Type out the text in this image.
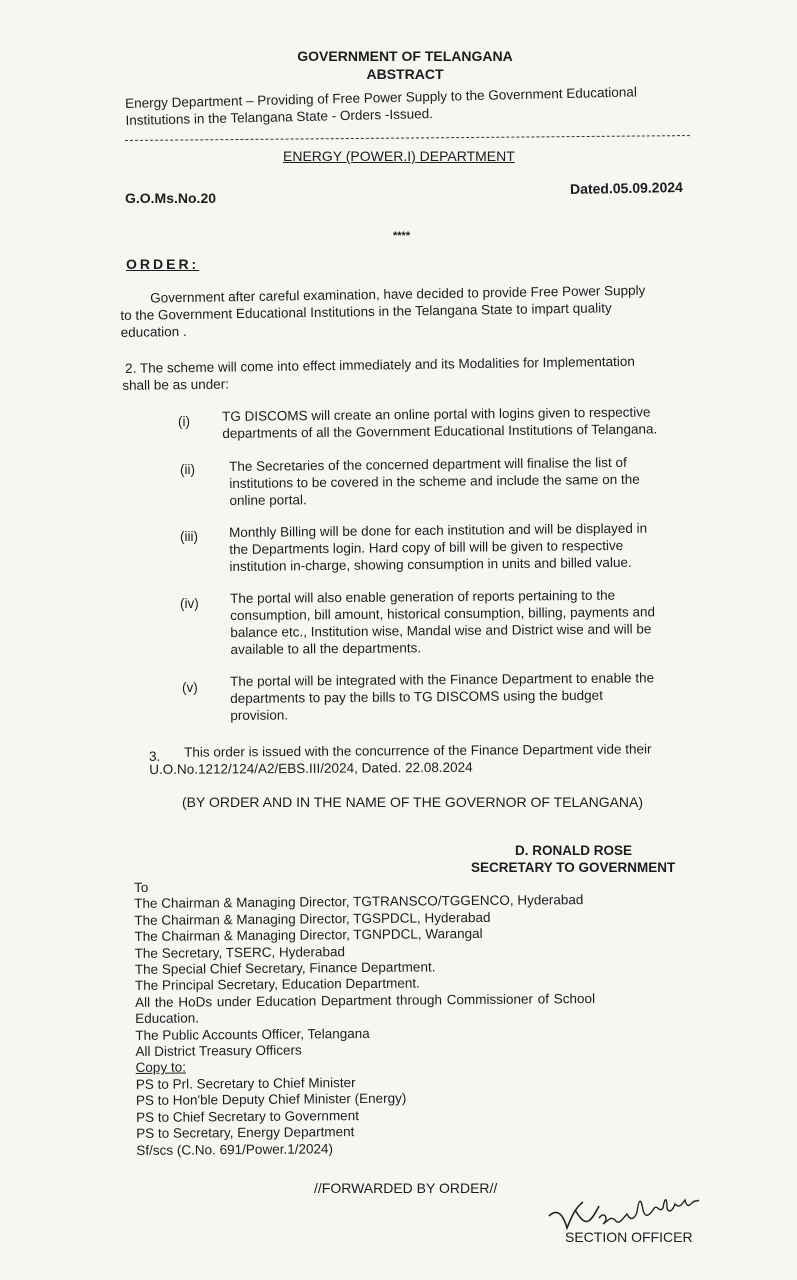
GOVERNMENT OF TELANGANA
ABSTRACT

Energy Department – Providing of Free Power Supply to the Government Educational

Institutions in the Telangana State - Orders -Issued.

ENERGY (POWER.I) DEPARTMENT
G.O.Ms.No.20
Dated.05.09.2024
****
ORDER:

Government after careful examination, have decided to provide Free Power Supply

to the Government Educational Institutions in the Telangana State to impart quality

education .

2. The scheme will come into effect immediately and its Modalities for Implementation

shall be as under:

(i) TG DISCOMS will create an online portal with logins given to respective

departments of all the Government Educational Institutions of Telangana.

(ii)	The Secretaries of the concerned department will finalise the list of

institutions to be covered in the scheme and include the same on the

online portal.

(iii) Monthly Billing will be done for each institution and will be displayed in

the Departments login. Hard copy of bill will be given to respective

institution in-charge, showing consumption in units and billed value.

(iv) The portal will also enable generation of reports pertaining to the

consumption, bill amount, historical consumption, billing, payments and

balance etc., Institution wise, Mandal wise and District wise and will be

available to all the departments.

(v) The portal will be integrated with the Finance Department to enable the

departments to pay the bills to TG DISCOMS using the budget

provision.

3.	This order is issued with the concurrence of the Finance Department vide their

U.O.No.1212/124/A2/EBS.III/2024, Dated. 22.08.2024

(BY ORDER AND IN THE NAME OF THE GOVERNOR OF TELANGANA)
D. RONALD ROSE
SECRETARY TO GOVERNMENT

To

The Chairman & Managing Director, TGTRANSCO/TGGENCO, Hyderabad

The Chairman & Managing Director, TGSPDCL, Hyderabad

The Chairman & Managing Director, TGNPDCL, Warangal

The Secretary, TSERC, Hyderabad

The Special Chief Secretary, Finance Department.

The Principal Secretary, Education Department.

All the HoDs under Education Department through Commissioner of School

Education.

The Public Accounts Officer, Telangana

All District Treasury Officers

Copy to:

PS to Prl. Secretary to Chief Minister

PS to Hon'ble Deputy Chief Minister (Energy)

PS to Chief Secretary to Government

PS to Secretary, Energy Department

Sf/scs (C.No. 691/Power.1/2024)

//FORWARDED BY ORDER//
SECTION OFFICER
